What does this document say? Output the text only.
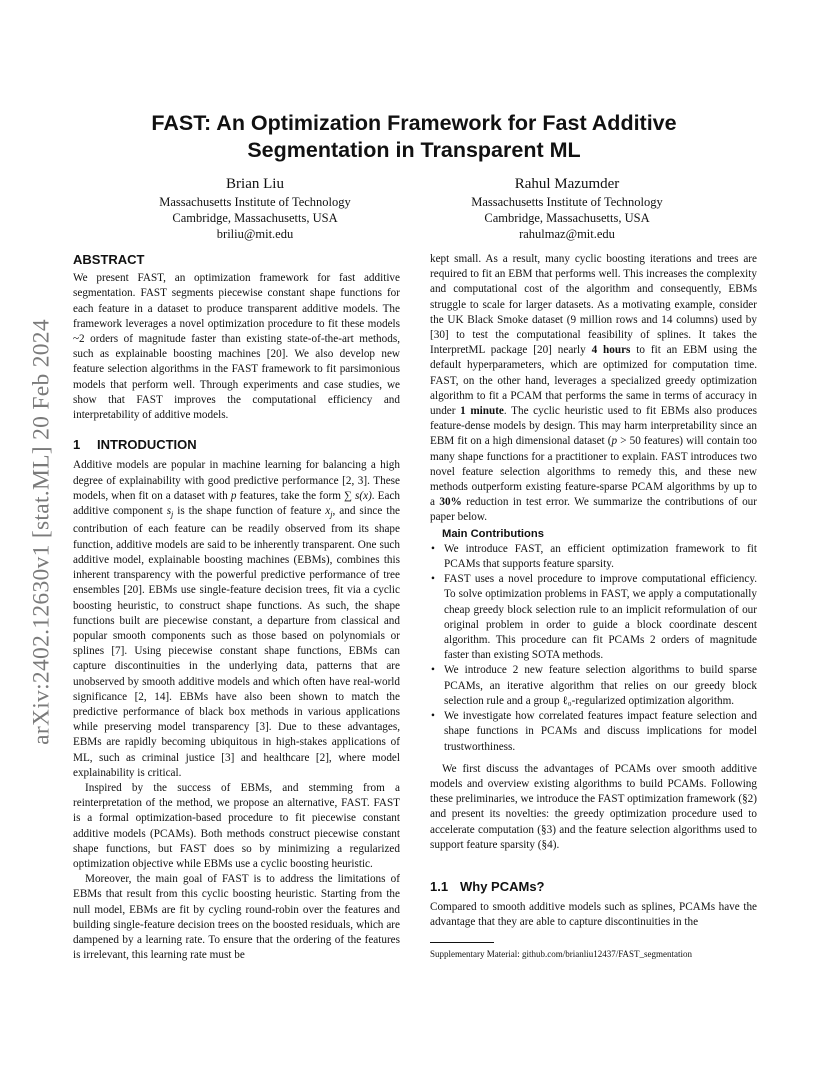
arXiv:2402.12630v1 [stat.ML] 20 Feb 2024
FAST: An Optimization Framework for Fast Additive
Segmentation in Transparent ML
Brian Liu
Massachusetts Institute of Technology
Cambridge, Massachusetts, USA
briliu@mit.edu
Rahul Mazumder
Massachusetts Institute of Technology
Cambridge, Massachusetts, USA
rahulmaz@mit.edu
ABSTRACT

We present FAST, an optimization framework for fast additive segmentation. FAST segments piecewise constant shape functions for each feature in a dataset to produce transparent additive models. The framework leverages a novel optimization procedure to fit these models ~2 orders of magnitude faster than existing state-of-the-art methods, such as explainable boosting machines [20]. We also develop new feature selection algorithms in the FAST framework to fit parsimonious models that perform well. Through experiments and case studies, we show that FAST improves the computational efficiency and interpretability of additive models.

1 INTRODUCTION

Additive models are popular in machine learning for balancing a high degree of explainability with good predictive performance [2, 3]. These models, when fit on a dataset with p features, take the form ∑ s(x). Each additive component $s_j$ is the shape function of feature $x_j$, and since the contribution of each feature can be readily observed from its shape function, additive models are said to be inherently transparent. One such additive model, explainable boosting machines (EBMs), combines this inherent transparency with the powerful predictive performance of tree ensembles [20]. EBMs use single-feature decision trees, fit via a cyclic boosting heuristic, to construct shape functions. As such, the shape functions built are piecewise constant, a departure from classical and popular smooth components such as those based on polynomials or splines [7]. Using piecewise constant shape functions, EBMs can capture discontinuities in the underlying data, patterns that are unobserved by smooth additive models and which often have real-world significance [2, 14]. EBMs have also been shown to match the predictive performance of black box methods in various applications while preserving model transparency [3]. Due to these advantages, EBMs are rapidly becoming ubiquitous in high-stakes applications of ML, such as criminal justice [3] and healthcare [2], where model explainability is critical.

Inspired by the success of EBMs, and stemming from a reinterpretation of the method, we propose an alternative, FAST. FAST is a formal optimization-based procedure to fit piecewise constant additive models (PCAMs). Both methods construct piecewise constant shape functions, but FAST does so by minimizing a regularized optimization objective while EBMs use a cyclic boosting heuristic.

Moreover, the main goal of FAST is to address the limitations of EBMs that result from this cyclic boosting heuristic. Starting from the null model, EBMs are fit by cycling round-robin over the features and building single-feature decision trees on the boosted residuals, which are dampened by a learning rate. To ensure that the ordering of the features is irrelevant, this learning rate must be

kept small. As a result, many cyclic boosting iterations and trees are required to fit an EBM that performs well. This increases the complexity and computational cost of the algorithm and consequently, EBMs struggle to scale for larger datasets. As a motivating example, consider the UK Black Smoke dataset (9 million rows and 14 columns) used by [30] to test the computational feasibility of splines. It takes the InterpretML package [20] nearly 4 hours to fit an EBM using the default hyperparameters, which are optimized for computation time. FAST, on the other hand, leverages a specialized greedy optimization algorithm to fit a PCAM that performs the same in terms of accuracy in under 1 minute. The cyclic heuristic used to fit EBMs also produces feature-dense models by design. This may harm interpretability since an EBM fit on a high dimensional dataset (p > 50 features) will contain too many shape functions for a practitioner to explain. FAST introduces two novel feature selection algorithms to remedy this, and these new methods outperform existing feature-sparse PCAM algorithms by up to a 30% reduction in test error. We summarize the contributions of our paper below.

Main Contributions
• We introduce FAST, an efficient optimization framework to fit PCAMs that supports feature sparsity.
• FAST uses a novel procedure to improve computational efficiency. To solve optimization problems in FAST, we apply a computationally cheap greedy block selection rule to an implicit reformulation of our original problem in order to guide a block coordinate descent algorithm. This procedure can fit PCAMs 2 orders of magnitude faster than existing SOTA methods.
• We introduce 2 new feature selection algorithms to build sparse PCAMs, an iterative algorithm that relies on our greedy block selection rule and a group ℓ₀-regularized optimization algorithm.
• We investigate how correlated features impact feature selection and shape functions in PCAMs and discuss implications for model trustworthiness.

We first discuss the advantages of PCAMs over smooth additive models and overview existing algorithms to build PCAMs. Following these preliminaries, we introduce the FAST optimization framework (§2) and present its novelties: the greedy optimization procedure used to accelerate computation (§3) and the feature selection algorithms used to support feature sparsity (§4).

1.1 Why PCAMs?

Compared to smooth additive models such as splines, PCAMs have the advantage that they are able to capture discontinuities in the

Supplementary Material: github.com/brianliu12437/FAST_segmentation
